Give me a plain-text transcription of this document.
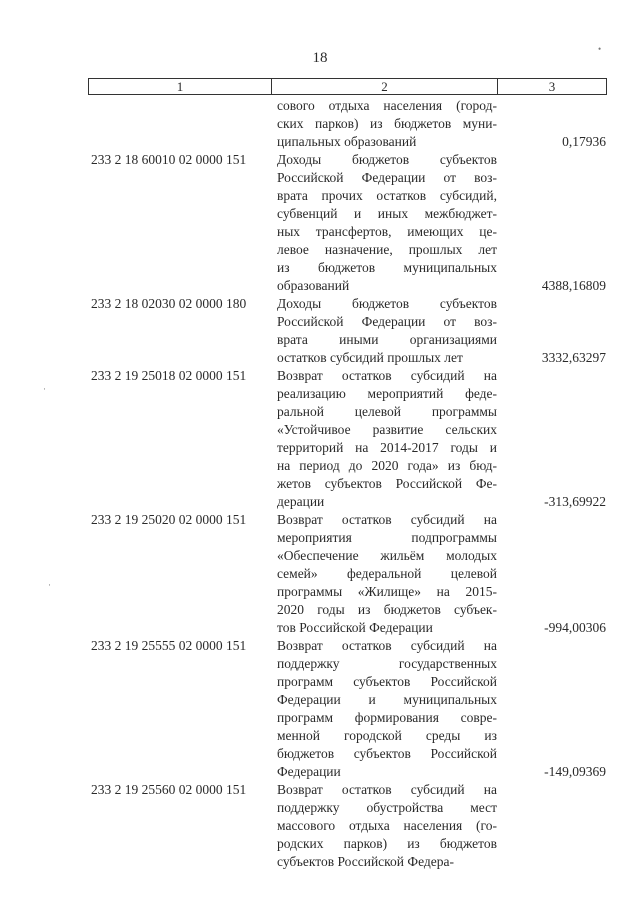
18
1	2	3
сового отдыха населения (город-
ских парков) из бюджетов муни-
ципальных образований	0,17936
233 2 18 60010 02 0000 151	Доходы бюджетов субъектов
Российской Федерации от воз-
врата прочих остатков субсидий,
субвенций и иных межбюджет-
ных трансфертов, имеющих це-
левое назначение, прошлых лет
из бюджетов муниципальных
образований	4388,16809
233 2 18 02030 02 0000 180	Доходы бюджетов субъектов
Российской Федерации от воз-
врата иными организациями
остатков субсидий прошлых лет	3332,63297
233 2 19 25018 02 0000 151	Возврат остатков субсидий на
реализацию мероприятий феде-
ральной целевой программы
«Устойчивое развитие сельских
территорий на 2014-2017 годы и
на период до 2020 года» из бюд-
жетов субъектов Российской Фе-
дерации	-313,69922
233 2 19 25020 02 0000 151	Возврат остатков субсидий на
мероприятия подпрограммы
«Обеспечение жильём молодых
семей» федеральной целевой
программы «Жилище» на 2015-
2020 годы из бюджетов субъек-
тов Российской Федерации	-994,00306
233 2 19 25555 02 0000 151	Возврат остатков субсидий на
поддержку государственных
программ субъектов Российской
Федерации и муниципальных
программ формирования совре-
менной городской среды из
бюджетов субъектов Российской
Федерации	-149,09369
233 2 19 25560 02 0000 151	Возврат остатков субсидий на
поддержку обустройства мест
массового отдыха населения (го-
родских парков) из бюджетов
субъектов Российской Федера-
•
·
·
